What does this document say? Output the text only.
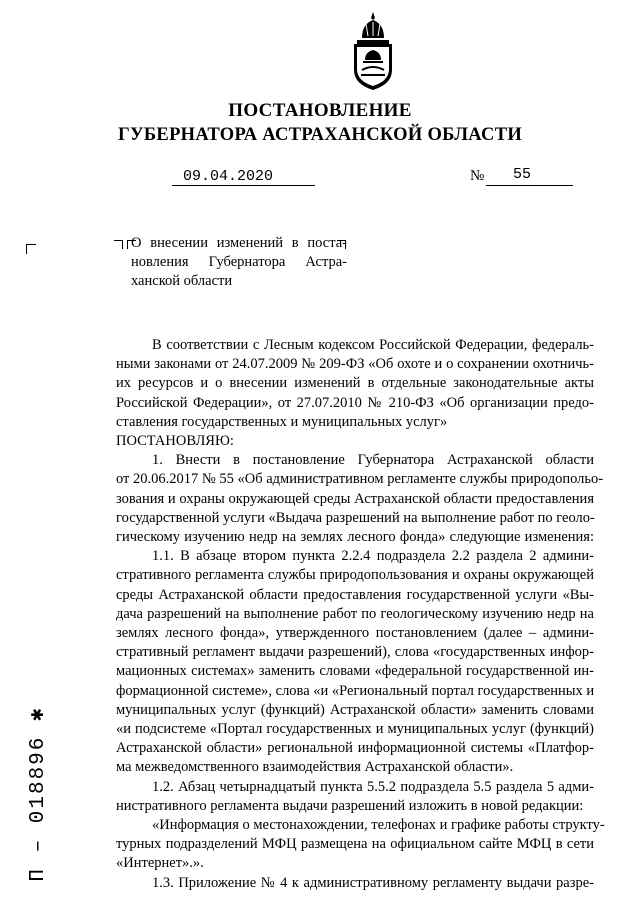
ПОСТАНОВЛЕНИЕ
ГУБЕРНАТОРА АСТРАХАНСКОЙ ОБЛАСТИ
09.04.2020	№ 55
О внесении изменений в поста-
новления Губернатора Астра-
ханской области
В соответствии с Лесным кодексом Российской Федерации, федераль-
ными законами от 24.07.2009 № 209-ФЗ «Об охоте и о сохранении охотничь-
их ресурсов и о внесении изменений в отдельные законодательные акты
Российской Федерации», от 27.07.2010 № 210-ФЗ «Об организации предо-
ставления государственных и муниципальных услуг»
ПОСТАНОВЛЯЮ:
1. Внести в постановление Губернатора Астраханской области
от 20.06.2017 № 55 «Об административном регламенте службы природопольо-
зования и охраны окружающей среды Астраханской области предоставления
государственной услуги «Выдача разрешений на выполнение работ по геоло-
гическому изучению недр на землях лесного фонда» следующие изменения:
1.1. В абзаце втором пункта 2.2.4 подраздела 2.2 раздела 2 админи-
стративного регламента службы природопользования и охраны окружающей
среды Астраханской области предоставления государственной услуги «Вы-
дача разрешений на выполнение работ по геологическому изучению недр на
землях лесного фонда», утвержденного постановлением (далее – админи-
стративный регламент выдачи разрешений), слова «государственных инфор-
мационных системах» заменить словами «федеральной государственной ин-
формационной системе», слова «и «Региональный портал государственных и
муниципальных услуг (функций) Астраханской области» заменить словами
«и подсистеме «Портал государственных и муниципальных услуг (функций)
Астраханской области» региональной информационной системы «Платфор-
ма межведомственного взаимодействия Астраханской области».
1.2. Абзац четырнадцатый пункта 5.5.2 подраздела 5.5 раздела 5 адми-
нистративного регламента выдачи разрешений изложить в новой редакции:
«Информация о местонахождении, телефонах и графике работы структу-
турных подразделений МФЦ размещена на официальном сайте МФЦ в сети
«Интернет».».
1.3. Приложение № 4 к административному регламенту выдачи разре-
П – 018896 ✱
